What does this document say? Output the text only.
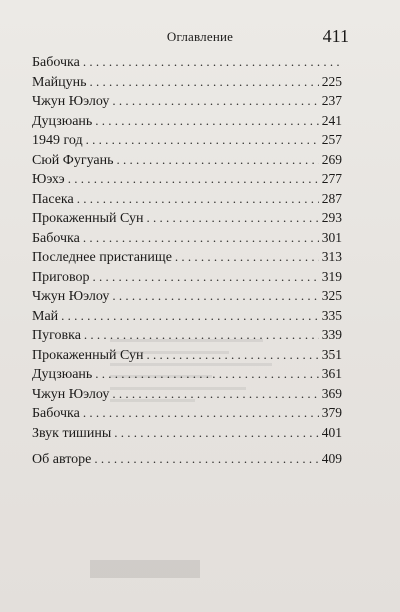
Оглавление	411
Бабочка
. . .
Майцунь . . .	225
Чжун Юэлоу . . .	237
Дуцзюань . . .	241
1949 год . . .	257
Сюй Фугуань . . .	269
Юэхэ . . .	277
Пасека . . .	287
Прокаженный Сун . . .	293
Бабочка . . .	301
Последнее пристанище . . .	313
Приговор . . .	319
Чжун Юэлоу . . .	325
Май . . .	335
Пуговка . . .	339
Прокаженный Сун . . .	351
Дуцзюань . . .	361
Чжун Юэлоу . . .	369
Бабочка . . .	379
Звук тишины . . .	401
Об авторе . . .	409
